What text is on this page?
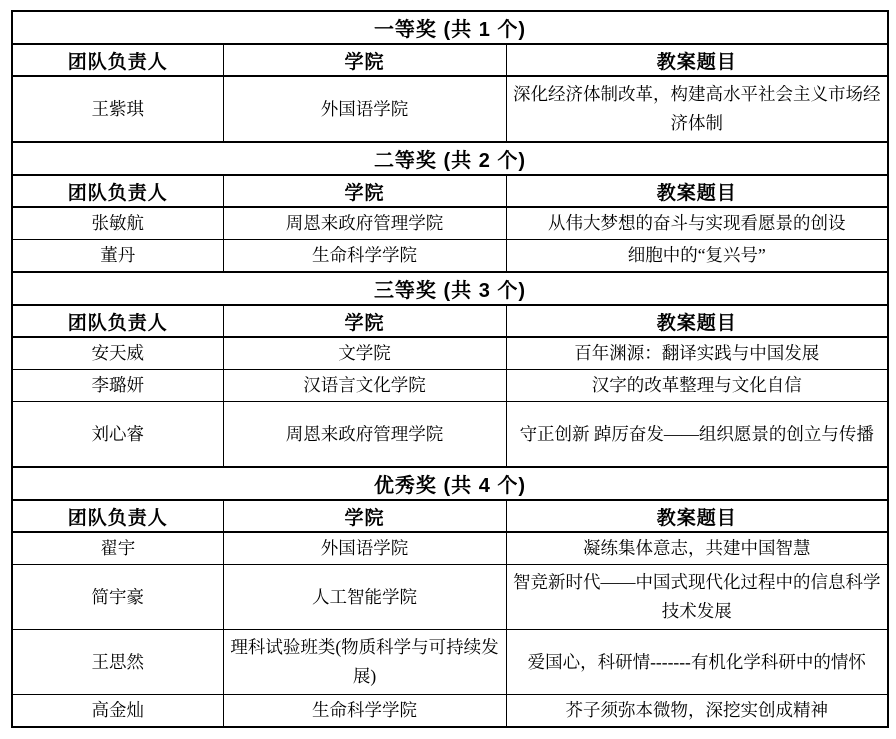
一等奖 (共 1 个)		
团队负责人	学院	教案题目
王紫琪	外国语学院	深化经济体制改革，构建高水平社会主义市场经济体制
二等奖 (共 2 个)		
团队负责人	学院	教案题目
张敏航	周恩来政府管理学院	从伟大梦想的奋斗与实现看愿景的创设
董丹	生命科学学院	细胞中的“复兴号”
三等奖 (共 3 个)		
团队负责人	学院	教案题目
安天威	文学院	百年渊源：翻译实践与中国发展
李璐妍	汉语言文化学院	汉字的改革整理与文化自信
刘心睿	周恩来政府管理学院	守正创新 踔厉奋发——组织愿景的创立与传播
优秀奖 (共 4 个)		
团队负责人	学院	教案题目
翟宇	外国语学院	凝练集体意志，共建中国智慧
简宇豪	人工智能学院	智竞新时代——中国式现代化过程中的信息科学技术发展
王思然	理科试验班类(物质科学与可持续发展)	爱国心，科研情-------有机化学科研中的情怀
高金灿	生命科学学院	芥子须弥本微物，深挖实创成精神
